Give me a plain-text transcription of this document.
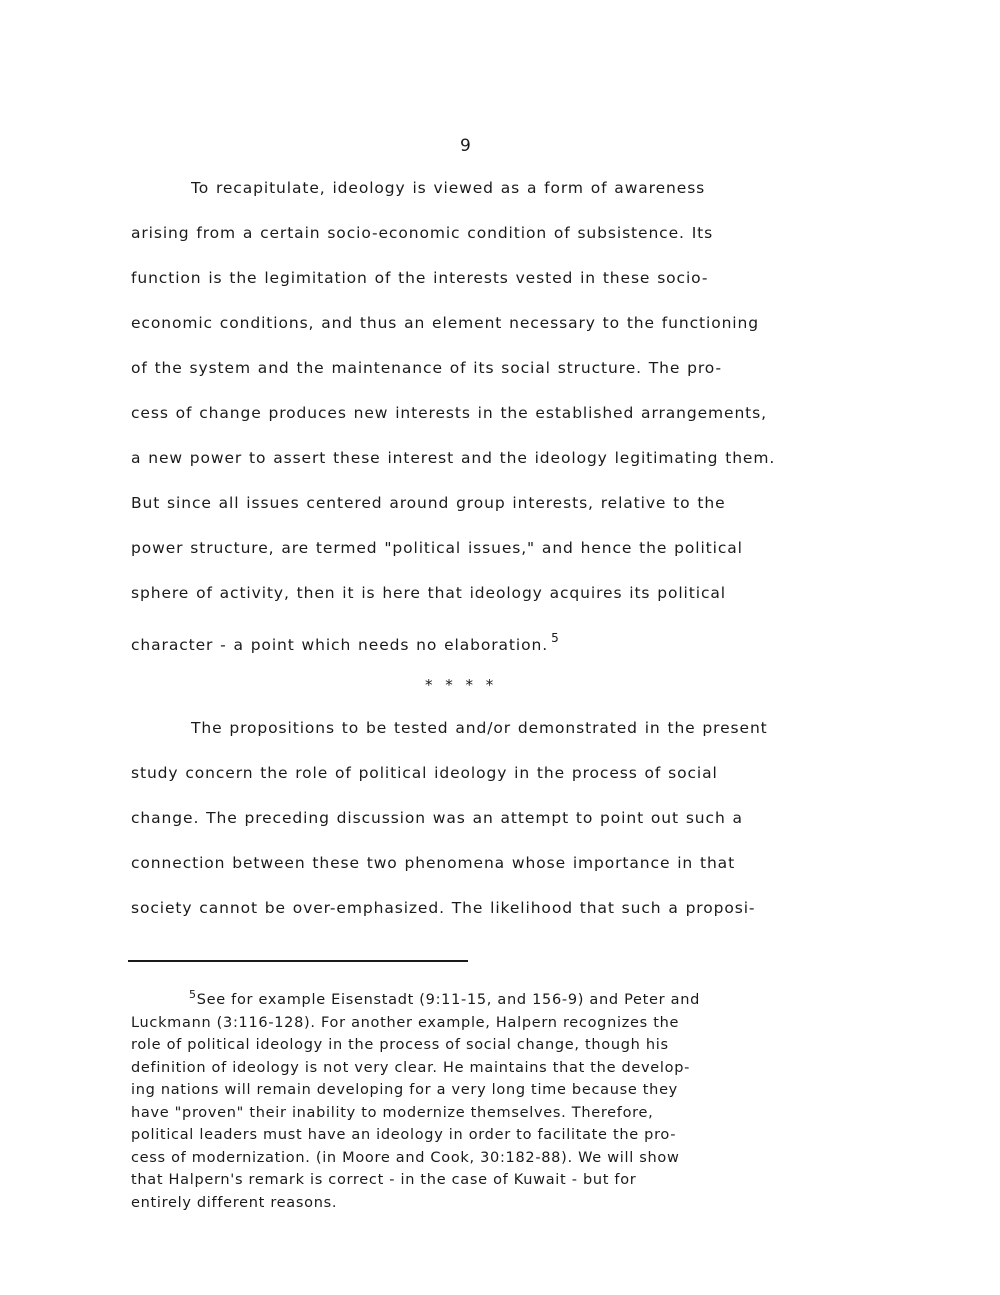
9

To recapitulate, ideology is viewed as a form of awareness
arising from a certain socio-economic condition of subsistence. Its
function is the legimitation of the interests vested in these socio-
economic conditions, and thus an element necessary to the functioning
of the system and the maintenance of its social structure. The pro-
cess of change produces new interests in the established arrangements,
a new power to assert these interest and the ideology legitimating them.
But since all issues centered around group interests, relative to the
power structure, are termed "political issues," and hence the political
sphere of activity, then it is here that ideology acquires its political
character - a point which needs no elaboration. $^5$

* * * *

The propositions to be tested and/or demonstrated in the present
study concern the role of political ideology in the process of social
change. The preceding discussion was an attempt to point out such a
connection between these two phenomena whose importance in that
society cannot be over-emphasized. The likelihood that such a proposi-

$^5$See for example Eisenstadt (9:11-15, and 156-9) and Peter and
Luckmann (3:116-128). For another example, Halpern recognizes the
role of political ideology in the process of social change, though his
definition of ideology is not very clear. He maintains that the develop-
ing nations will remain developing for a very long time because they
have "proven" their inability to modernize themselves. Therefore,
political leaders must have an ideology in order to facilitate the pro-
cess of modernization. (in Moore and Cook, 30:182-88). We will show
that Halpern's remark is correct - in the case of Kuwait - but for
entirely different reasons.
